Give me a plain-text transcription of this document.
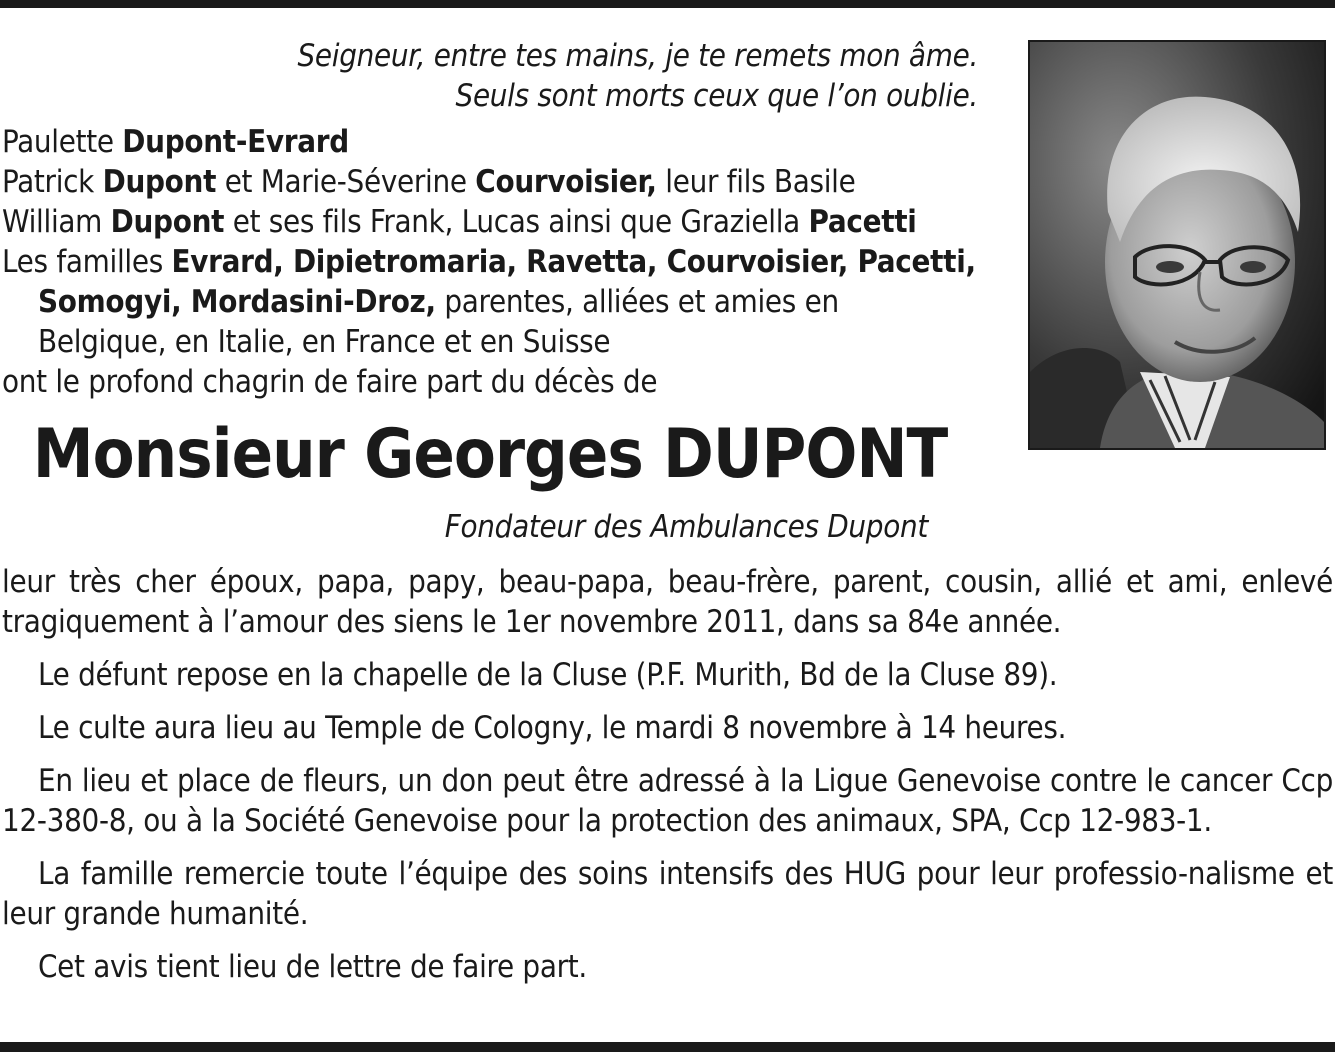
Seigneur, entre tes mains, je te remets mon âme.
Seuls sont morts ceux que l’on oublie.
Paulette Dupont-Evrard
Patrick Dupont et Marie-Séverine Courvoisier, leur fils Basile
William Dupont et ses fils Frank, Lucas ainsi que Graziella Pacetti
Les familles Evrard, Dipietromaria, Ravetta, Courvoisier, Pacetti,
Somogyi, Mordasini-Droz, parentes, alliées et amies en
Belgique, en Italie, en France et en Suisse
ont le profond chagrin de faire part du décès de
Monsieur Georges DUPONT
Fondateur des Ambulances Dupont

leur très cher époux, papa, papy, beau-papa, beau-frère, parent, cousin, allié et ami, enlevé tragiquement à l’amour des siens le 1er novembre 2011, dans sa 84e année.

Le défunt repose en la chapelle de la Cluse (P.F. Murith, Bd de la Cluse 89).

Le culte aura lieu au Temple de Cologny, le mardi 8 novembre à 14 heures.

En lieu et place de fleurs, un don peut être adressé à la Ligue Genevoise contre le cancer Ccp 12-380-8, ou à la Société Genevoise pour la protection des animaux, SPA, Ccp 12-983-1.

La famille remercie toute l’équipe des soins intensifs des HUG pour leur professio-nalisme et leur grande humanité.

Cet avis tient lieu de lettre de faire part.
